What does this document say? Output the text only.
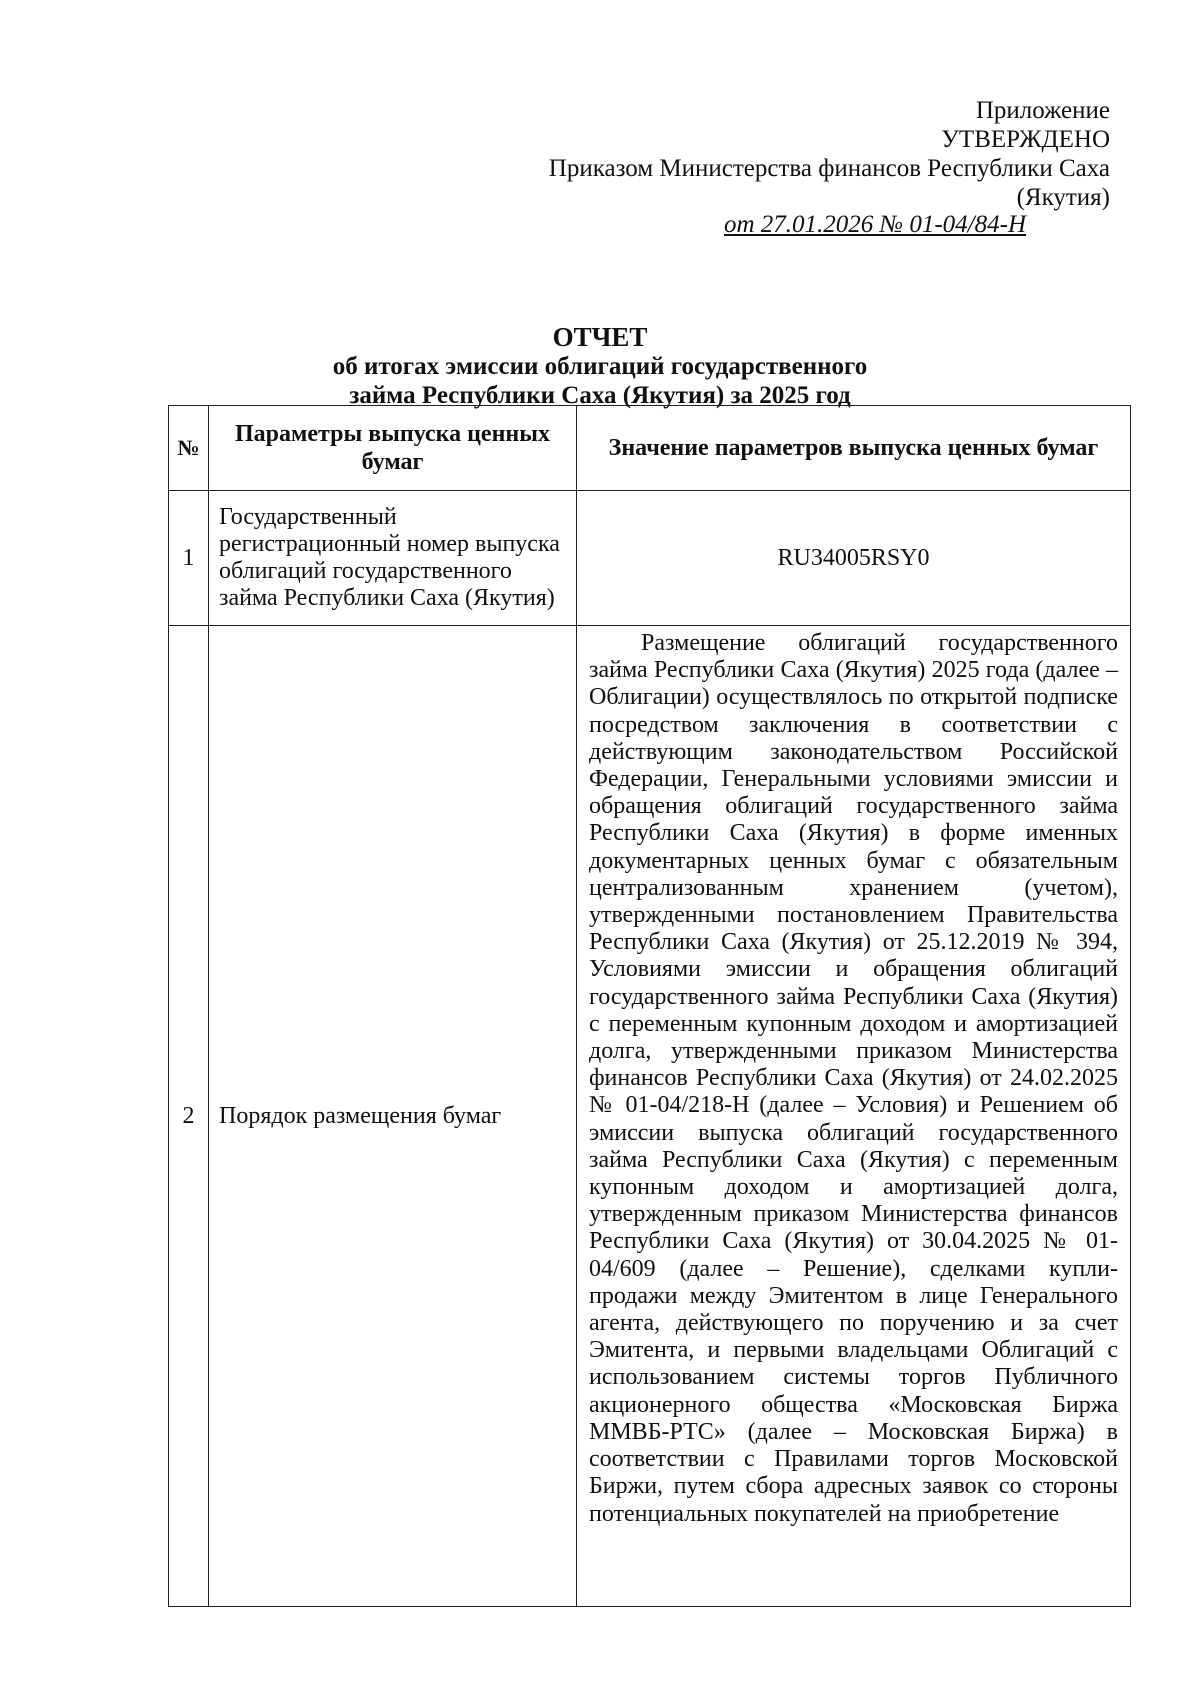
Приложение
УТВЕРЖДЕНО
Приказом Министерства финансов Республики Саха
(Якутия)
от 27.01.2026 № 01-04/84-Н
ОТЧЕТ
об итогах эмиссии облигаций государственного
займа Республики Саха (Якутия) за 2025 год
№	Параметры выпуска ценных бумаг	Значение параметров выпуска ценных бумаг

1	Государственный регистрационный номер выпуска облигаций государственного займа Республики Саха (Якутия)	RU34005RSY0
2	Порядок размещения бумаг	Размещение облигаций государственного займа Республики Саха (Якутия) 2025 года (далее – Облигации) осуществлялось по открытой подписке посредством заключения в соответствии с действующим законодательством Российской Федерации, Генеральными условиями эмиссии и обращения облигаций государственного займа Республики Саха (Якутия) в форме именных документарных ценных бумаг с обязательным централизованным хранением (учетом), утвержденными постановлением Правительства Республики Саха (Якутия) от 25.12.2019 № 394, Условиями эмиссии и обращения облигаций государственного займа Республики Саха (Якутия) с переменным купонным доходом и амортизацией долга, утвержденными приказом Министерства финансов Республики Саха (Якутия) от 24.02.2025 № 01-04/218-Н (далее – Условия) и Решением об эмиссии выпуска облигаций государственного займа Республики Саха (Якутия) с переменным купонным доходом и амортизацией долга, утвержденным приказом Министерства финансов Республики Саха (Якутия) от 30.04.2025 № 01-04/609 (далее – Решение), сделками купли-продажи между Эмитентом в лице Генерального агента, действующего по поручению и за счет Эмитента, и первыми владельцами Облигаций с использованием системы торгов Публичного акционерного общества «Московская Биржа ММВБ-РТС» (далее – Московская Биржа) в соответствии с Правилами торгов Московской Биржи, путем сбора адресных заявок со стороны потенциальных покупателей на приобретение
